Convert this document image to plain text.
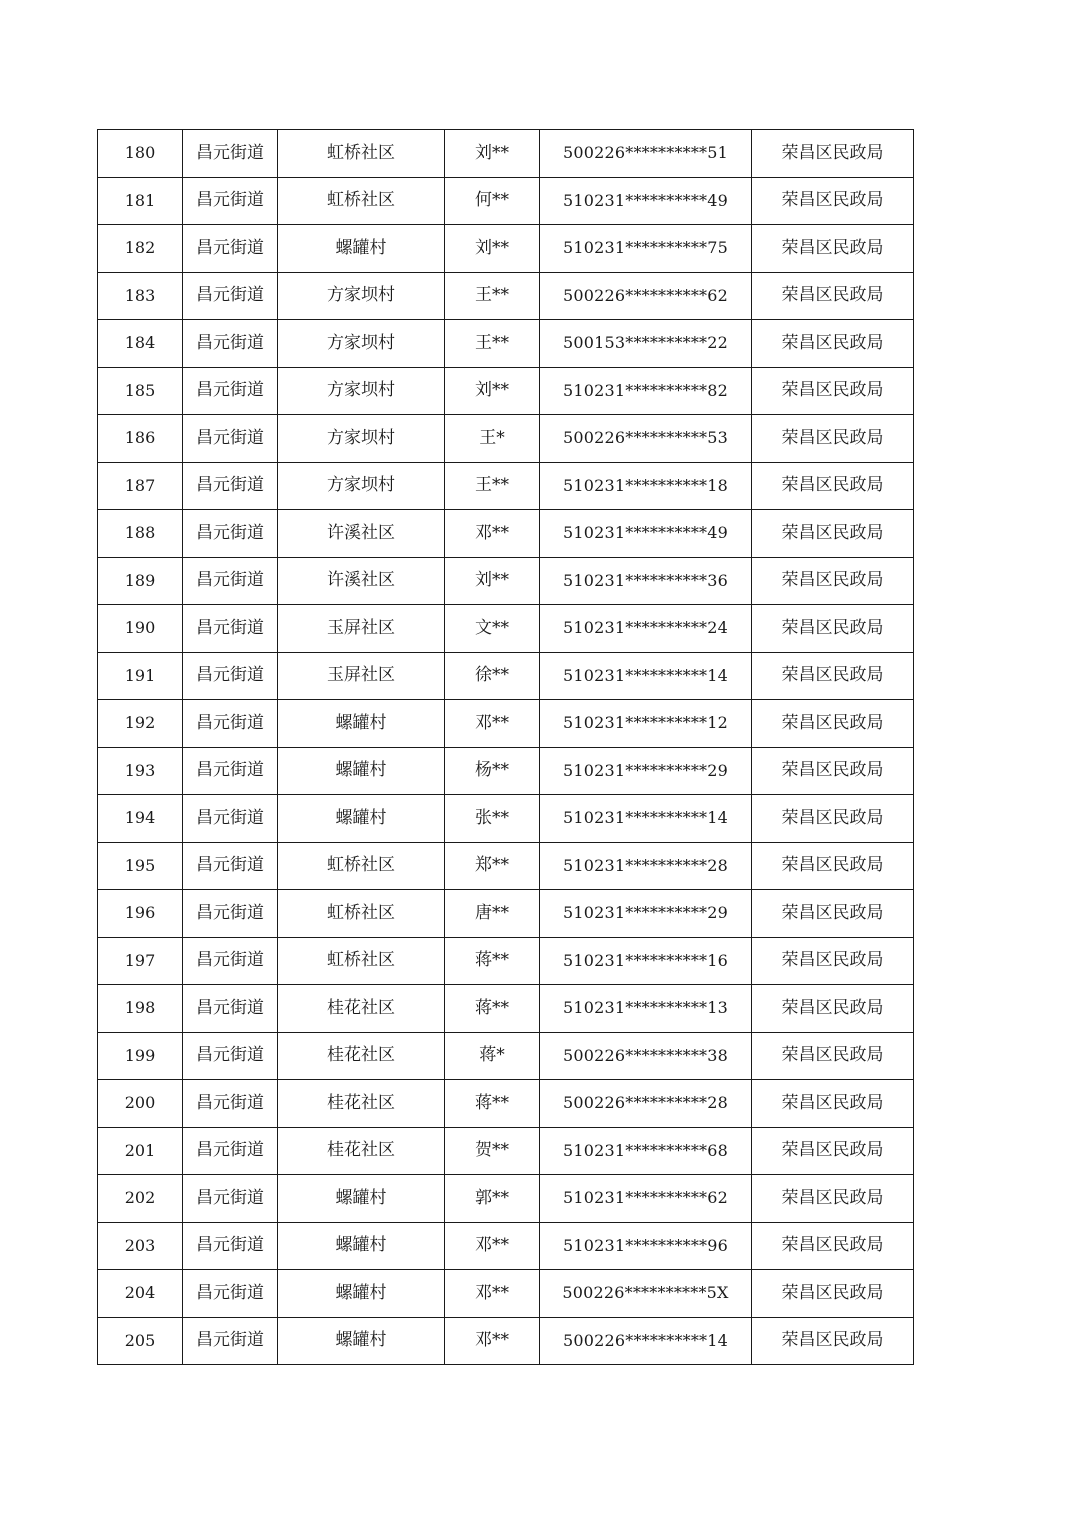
180	昌元街道	虹桥社区	刘**	500226**********51	荣昌区民政局
181	昌元街道	虹桥社区	何**	510231**********49	荣昌区民政局
182	昌元街道	螺罐村	刘**	510231**********75	荣昌区民政局
183	昌元街道	方家坝村	王**	500226**********62	荣昌区民政局
184	昌元街道	方家坝村	王**	500153**********22	荣昌区民政局
185	昌元街道	方家坝村	刘**	510231**********82	荣昌区民政局
186	昌元街道	方家坝村	王*	500226**********53	荣昌区民政局
187	昌元街道	方家坝村	王**	510231**********18	荣昌区民政局
188	昌元街道	许溪社区	邓**	510231**********49	荣昌区民政局
189	昌元街道	许溪社区	刘**	510231**********36	荣昌区民政局
190	昌元街道	玉屏社区	文**	510231**********24	荣昌区民政局
191	昌元街道	玉屏社区	徐**	510231**********14	荣昌区民政局
192	昌元街道	螺罐村	邓**	510231**********12	荣昌区民政局
193	昌元街道	螺罐村	杨**	510231**********29	荣昌区民政局
194	昌元街道	螺罐村	张**	510231**********14	荣昌区民政局
195	昌元街道	虹桥社区	郑**	510231**********28	荣昌区民政局
196	昌元街道	虹桥社区	唐**	510231**********29	荣昌区民政局
197	昌元街道	虹桥社区	蒋**	510231**********16	荣昌区民政局
198	昌元街道	桂花社区	蒋**	510231**********13	荣昌区民政局
199	昌元街道	桂花社区	蒋*	500226**********38	荣昌区民政局
200	昌元街道	桂花社区	蒋**	500226**********28	荣昌区民政局
201	昌元街道	桂花社区	贺**	510231**********68	荣昌区民政局
202	昌元街道	螺罐村	郭**	510231**********62	荣昌区民政局
203	昌元街道	螺罐村	邓**	510231**********96	荣昌区民政局
204	昌元街道	螺罐村	邓**	500226**********5X	荣昌区民政局
205	昌元街道	螺罐村	邓**	500226**********14	荣昌区民政局
